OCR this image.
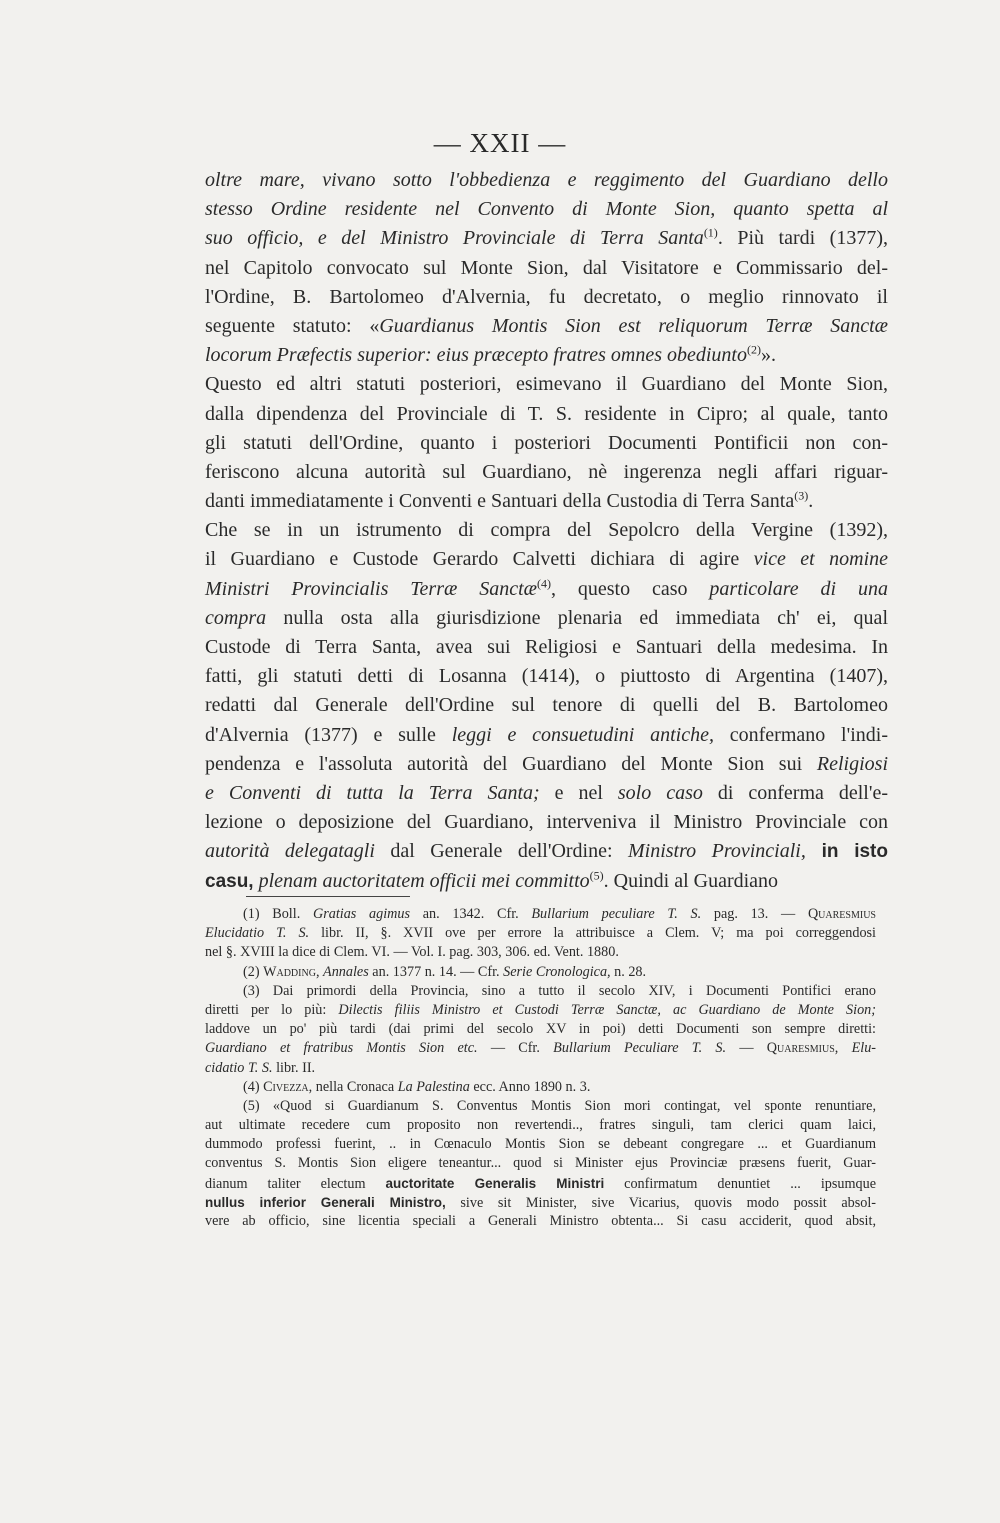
— XXII —
oltre mare, vivano sotto l'obbedienza e reggimento del Guardiano dello
stesso Ordine residente nel Convento di Monte Sion, quanto spetta al
suo officio, e del Ministro Provinciale di Terra Santa$^{(1)}$. Più tardi (1377),
nel Capitolo convocato sul Monte Sion, dal Visitatore e Commissario del-
l'Ordine, B. Bartolomeo d'Alvernia, fu decretato, o meglio rinnovato il
seguente statuto: «Guardianus Montis Sion est reliquorum Terræ Sanctæ
locorum Præfectis superior: eius præcepto fratres omnes obediunto$^{(2)}$».
Questo ed altri statuti posteriori, esimevano il Guardiano del Monte Sion,
dalla dipendenza del Provinciale di T. S. residente in Cipro; al quale, tanto
gli statuti dell'Ordine, quanto i posteriori Documenti Pontificii non con-
feriscono alcuna autorità sul Guardiano, nè ingerenza negli affari riguar-
danti immediatamente i Conventi e Santuari della Custodia di Terra Santa$^{(3)}$.
Che se in un istrumento di compra del Sepolcro della Vergine (1392),
il Guardiano e Custode Gerardo Calvetti dichiara di agire vice et nomine
Ministri Provincialis Terræ Sanctæ$^{(4)}$, questo caso particolare di una
compra nulla osta alla giurisdizione plenaria ed immediata ch' ei, qual
Custode di Terra Santa, avea sui Religiosi e Santuari della medesima. In
fatti, gli statuti detti di Losanna (1414), o piuttosto di Argentina (1407),
redatti dal Generale dell'Ordine sul tenore di quelli del B. Bartolomeo
d'Alvernia (1377) e sulle leggi e consuetudini antiche, confermano l'indi-
pendenza e l'assoluta autorità del Guardiano del Monte Sion sui Religiosi
e Conventi di tutta la Terra Santa; e nel solo caso di conferma dell'e-
lezione o deposizione del Guardiano, interveniva il Ministro Provinciale con
autorità delegatagli dal Generale dell'Ordine: Ministro Provinciali, in isto
casu, plenam auctoritatem officii mei committo$^{(5)}$. Quindi al Guardiano
(1) Boll. Gratias agimus an. 1342. Cfr. Bullarium peculiare T. S. pag. 13. — Quaresmius
Elucidatio T. S. libr. II, §. XVII ove per errore la attribuisce a Clem. V; ma poi correggendosi
nel §. XVIII la dice di Clem. VI. — Vol. I. pag. 303, 306. ed. Vent. 1880.
(2) Wadding, Annales an. 1377 n. 14. — Cfr. Serie Cronologica, n. 28.
(3) Dai primordi della Provincia, sino a tutto il secolo XIV, i Documenti Pontifici erano
diretti per lo più: Dilectis filiis Ministro et Custodi Terræ Sanctæ, ac Guardiano de Monte Sion;
laddove un po' più tardi (dai primi del secolo XV in poi) detti Documenti son sempre diretti:
Guardiano et fratribus Montis Sion etc. — Cfr. Bullarium Peculiare T. S. — Quaresmius, Elu-
cidatio T. S. libr. II.
(4) Civezza, nella Cronaca La Palestina ecc. Anno 1890 n. 3.
(5) «Quod si Guardianum S. Conventus Montis Sion mori contingat, vel sponte renuntiare,
aut ultimate recedere cum proposito non revertendi.., fratres singuli, tam clerici quam laici,
dummodo professi fuerint, .. in Cœnaculo Montis Sion se debeant congregare ... et Guardianum
conventus S. Montis Sion eligere teneantur... quod si Minister ejus Provinciæ præsens fuerit, Guar-
dianum taliter electum auctoritate Generalis Ministri confirmatum denuntiet ... ipsumque
nullus inferior Generali Ministro, sive sit Minister, sive Vicarius, quovis modo possit absol-
vere ab officio, sine licentia speciali a Generali Ministro obtenta... Si casu acciderit, quod absit,
